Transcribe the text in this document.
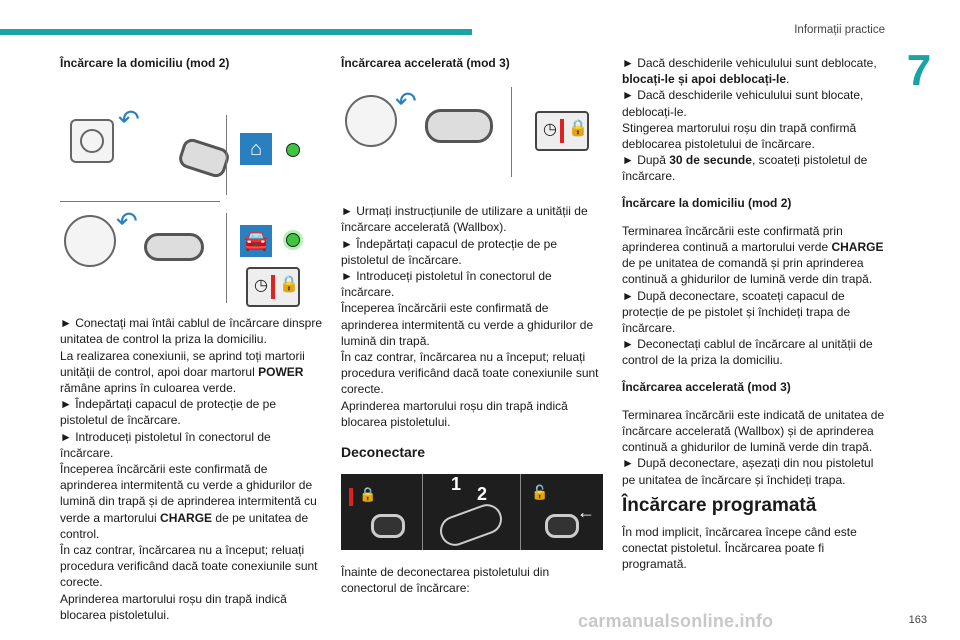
Informații practice
7
Încărcare la domiciliu (mod 2)
↶
⌂
↶
🚘
◷ 🔒

► Conectați mai întâi cablul de încărcare dinspre unitatea de control la priza la domiciliu.

La realizarea conexiunii, se aprind toți martorii unității de control, apoi doar martorul POWER rămâne aprins în culoarea verde.

► Îndepărtați capacul de protecție de pe pistoletul de încărcare.

► Introduceți pistoletul în conectorul de încărcare.

Începerea încărcării este confirmată de aprinderea intermitentă cu verde a ghidurilor de lumină din trapă și de aprinderea intermitentă cu verde a martorului CHARGE de pe unitatea de control.

În caz contrar, încărcarea nu a început; reluați procedura verificând dacă toate conexiunile sunt corecte.

Aprinderea martorului roșu din trapă indică blocarea pistoletului.

Încărcarea accelerată (mod 3)
↶
◷ 🔒

► Urmați instrucțiunile de utilizare a unității de încărcare accelerată (Wallbox).

► Îndepărtați capacul de protecție de pe pistoletul de încărcare.

► Introduceți pistoletul în conectorul de încărcare.

Începerea încărcării este confirmată de aprinderea intermitentă cu verde a ghidurilor de lumină din trapă.

În caz contrar, încărcarea nu a început; reluați procedura verificând dacă toate conexiunile sunt corecte.

Aprinderea martorului roșu din trapă indică blocarea pistoletului.

Deconectare
🔒	1 2	🔓
←

Înainte de deconectarea pistoletului din conectorul de încărcare:

► Dacă deschiderile vehiculului sunt deblocate, blocați-le și apoi deblocați-le.

► Dacă deschiderile vehiculului sunt blocate, deblocați-le.

Stingerea martorului roșu din trapă confirmă deblocarea pistoletului de încărcare.

► După 30 de secunde, scoateți pistoletul de încărcare.

Încărcare la domiciliu (mod 2)

Terminarea încărcării este confirmată prin aprinderea continuă a martorului verde CHARGE de pe unitatea de comandă și prin aprinderea continuă a ghidurilor de lumină verde din trapă.

► După deconectare, scoateți capacul de protecție de pe pistolet și închideți trapa de încărcare.

► Deconectați cablul de încărcare al unității de control de la priza la domiciliu.

Încărcarea accelerată (mod 3)

Terminarea încărcării este indicată de unitatea de încărcare accelerată (Wallbox) și de aprinderea continuă a ghidurilor de lumină verde din trapă.

► După deconectare, așezați din nou pistoletul pe unitatea de încărcare și închideți trapa.

Încărcare programată

În mod implicit, încărcarea începe când este conectat pistoletul. Încărcarea poate fi programată.

carmanualsonline.info	163
